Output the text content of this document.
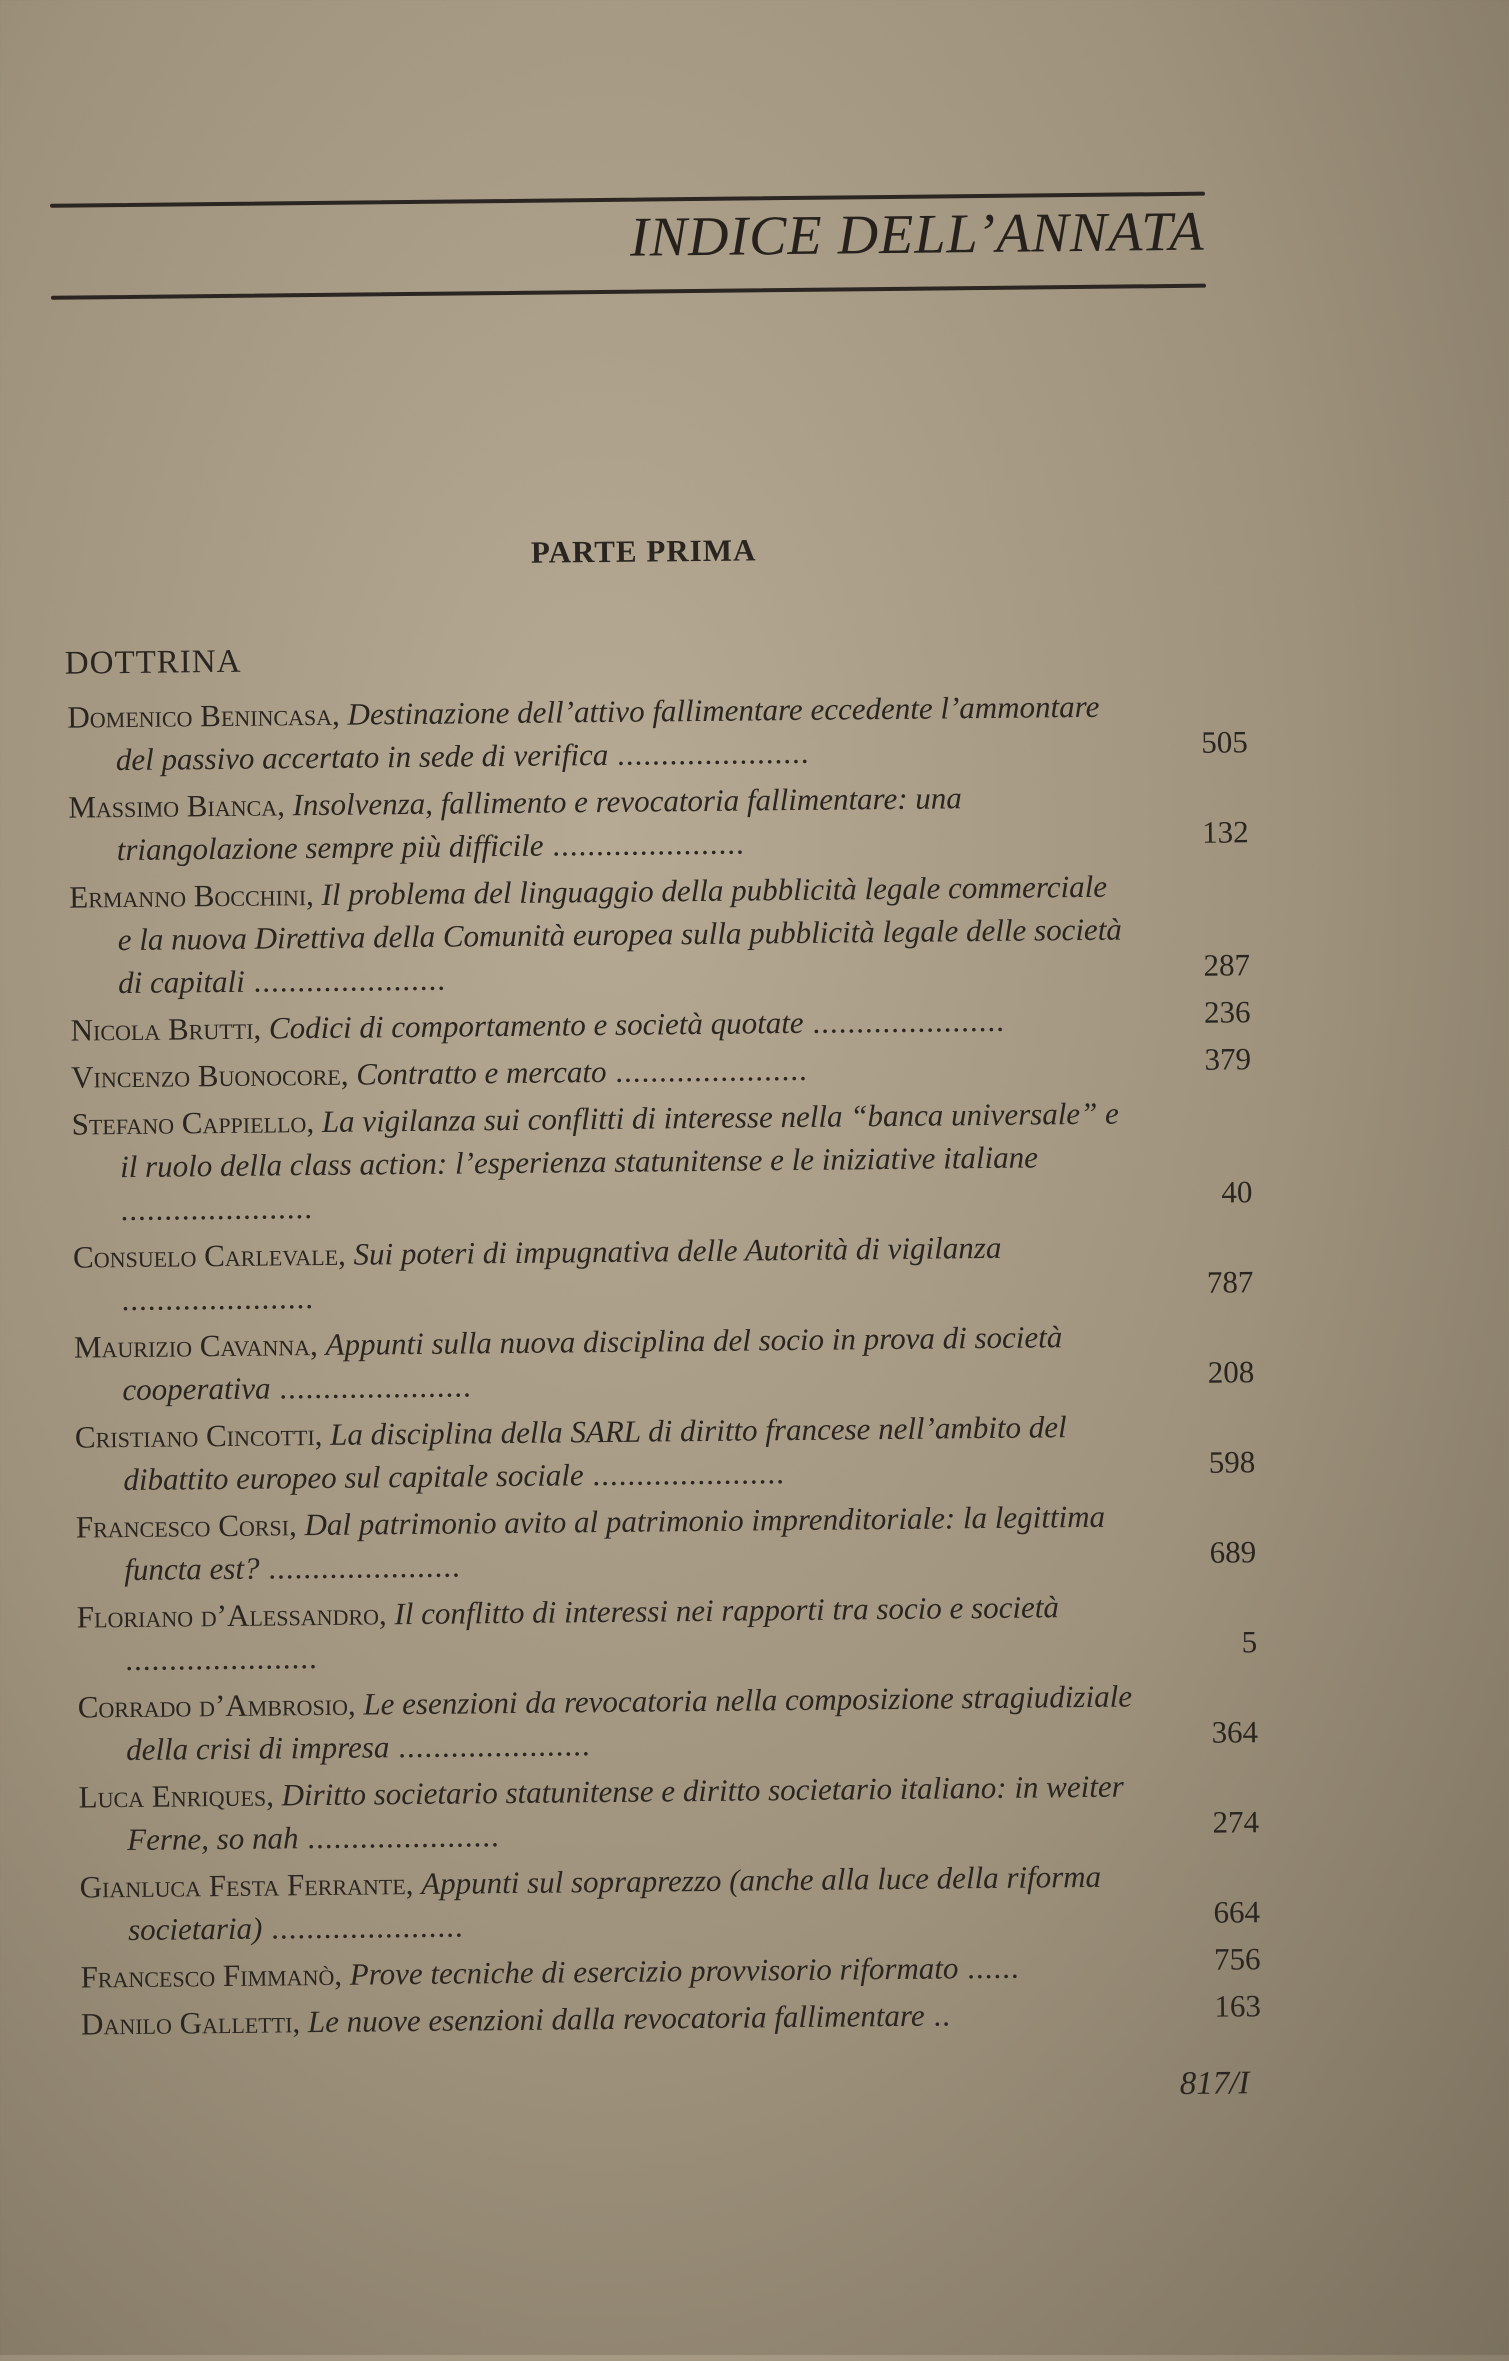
INDICE DELL’ANNATA
PARTE PRIMA
DOTTRINA
Domenico Benincasa, Destinazione dell’attivo fallimentare eccedente l’ammontare del passivo accertato in sede di verifica ......................	505
Massimo Bianca, Insolvenza, fallimento e revocatoria fallimentare: una triangolazione sempre più difficile ......................	132
Ermanno Bocchini, Il problema del linguaggio della pubblicità legale commerciale e la nuova Direttiva della Comunità europea sulla pubblicità legale delle società di capitali ......................	287
Nicola Brutti, Codici di comportamento e società quotate ......................	236
Vincenzo Buonocore, Contratto e mercato ......................	379
Stefano Cappiello, La vigilanza sui conflitti di interesse nella “banca universale” e il ruolo della class action: l’esperienza statunitense e le iniziative italiane ......................	40
Consuelo Carlevale, Sui poteri di impugnativa delle Autorità di vigilanza ......................	787
Maurizio Cavanna, Appunti sulla nuova disciplina del socio in prova di società cooperativa ......................	208
Cristiano Cincotti, La disciplina della SARL di diritto francese nell’ambito del dibattito europeo sul capitale sociale ......................	598
Francesco Corsi, Dal patrimonio avito al patrimonio imprenditoriale: la legittima functa est? ......................	689
Floriano d’Alessandro, Il conflitto di interessi nei rapporti tra socio e società ......................	5
Corrado d’Ambrosio, Le esenzioni da revocatoria nella composizione stragiudiziale della crisi di impresa ......................	364
Luca Enriques, Diritto societario statunitense e diritto societario italiano: in weiter Ferne, so nah ......................	274
Gianluca Festa Ferrante, Appunti sul sopraprezzo (anche alla luce della riforma societaria) ......................	664
Francesco Fimmanò, Prove tecniche di esercizio provvisorio riformato ......	756
Danilo Galletti, Le nuove esenzioni dalla revocatoria fallimentare ..	163
817/I
